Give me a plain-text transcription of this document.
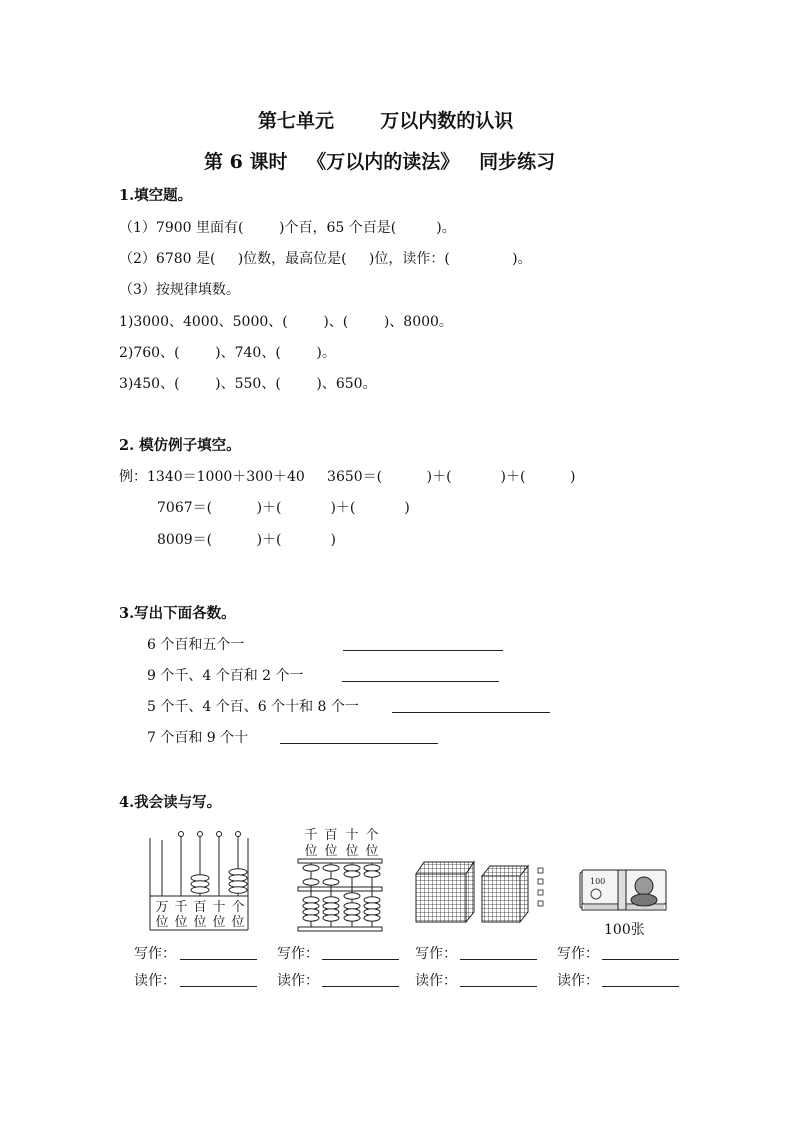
第七单元       万以内数的认识
第 6 课时   《万以内的读法》   同步练习
1.填空题。
（1）7900 里面有(        )个百，65 个百是(         )。
（2）6780 是(     )位数，最高位是(     )位，读作：(              )。
（3）按规律填数。
1)3000、4000、5000、(        )、(        )、8000。
2)760、(        )、740、(        )。
3)450、(        )、550、(        )、650。
2. 模仿例子填空。
例：1340＝1000＋300＋40     3650＝(          )＋(           )＋(          )
7067＝(          )＋(           )＋(           )
8009＝(          )＋(           )
3.写出下面各数。
6 个百和五个一
9 个千、4 个百和 2 个一
5 个千、4 个百、6 个十和 8 个一
7 个百和 9 个十
4.我会读与写。
万 千 百 十 个
位 位 位 位 位
千 百 十 个
位 位 位 位
100
100张
写作：	写作：	写作：	写作：
读作：	读作：	读作：	读作：
